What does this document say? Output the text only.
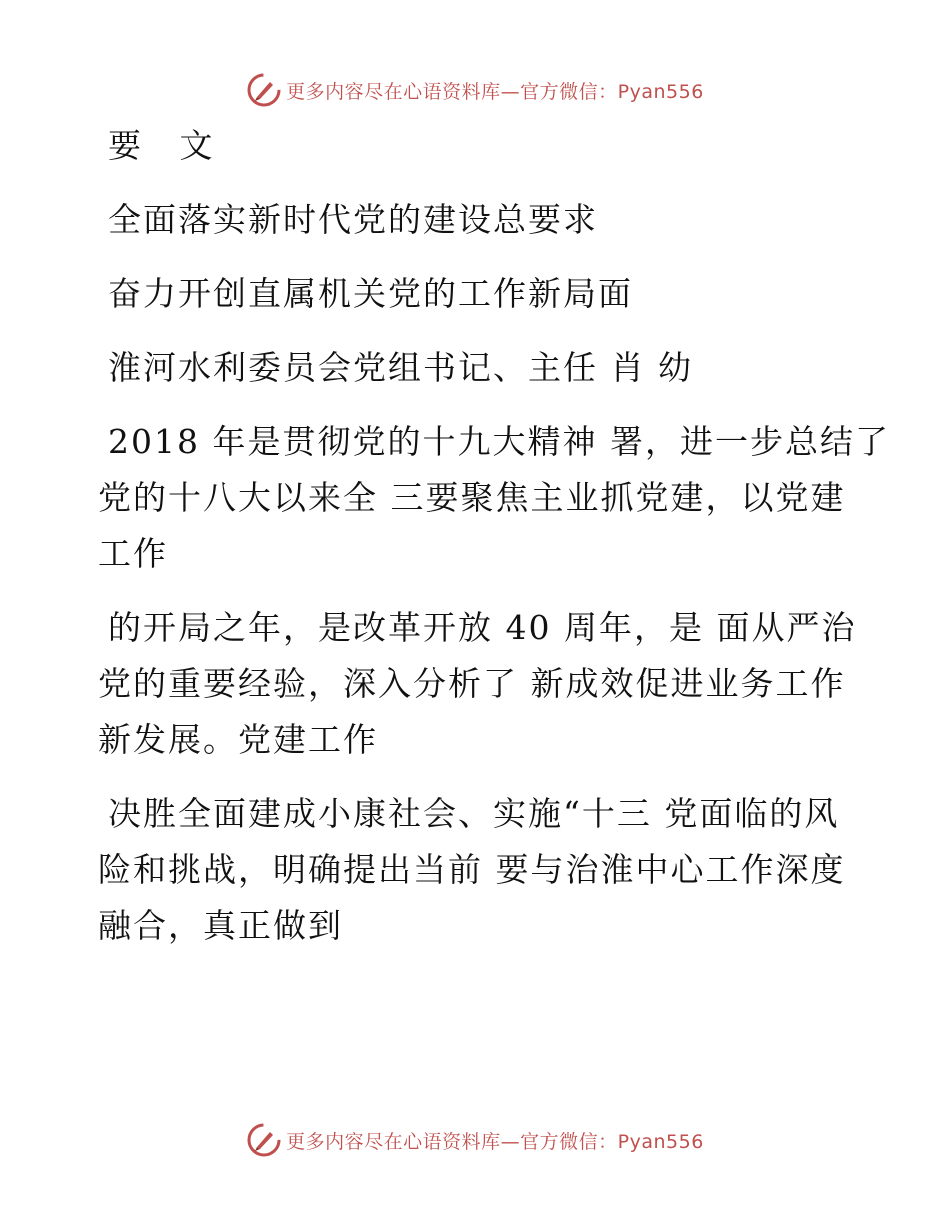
更多内容尽在心语资料库—官方微信：Pyan556
要 文
全面落实新时代党的建设总要求
奋力开创直属机关党的工作新局面
淮河水利委员会党组书记、主任 肖 幼
2018 年是贯彻党的十九大精神 署，进一步总结了
党的十八大以来全 三要聚焦主业抓党建，以党建
工作
的开局之年，是改革开放 40 周年，是 面从严治
党的重要经验，深入分析了 新成效促进业务工作
新发展。党建工作
决胜全面建成小康社会、实施“十三 党面临的风
险和挑战，明确提出当前 要与治淮中心工作深度
融合，真正做到
更多内容尽在心语资料库—官方微信：Pyan556
